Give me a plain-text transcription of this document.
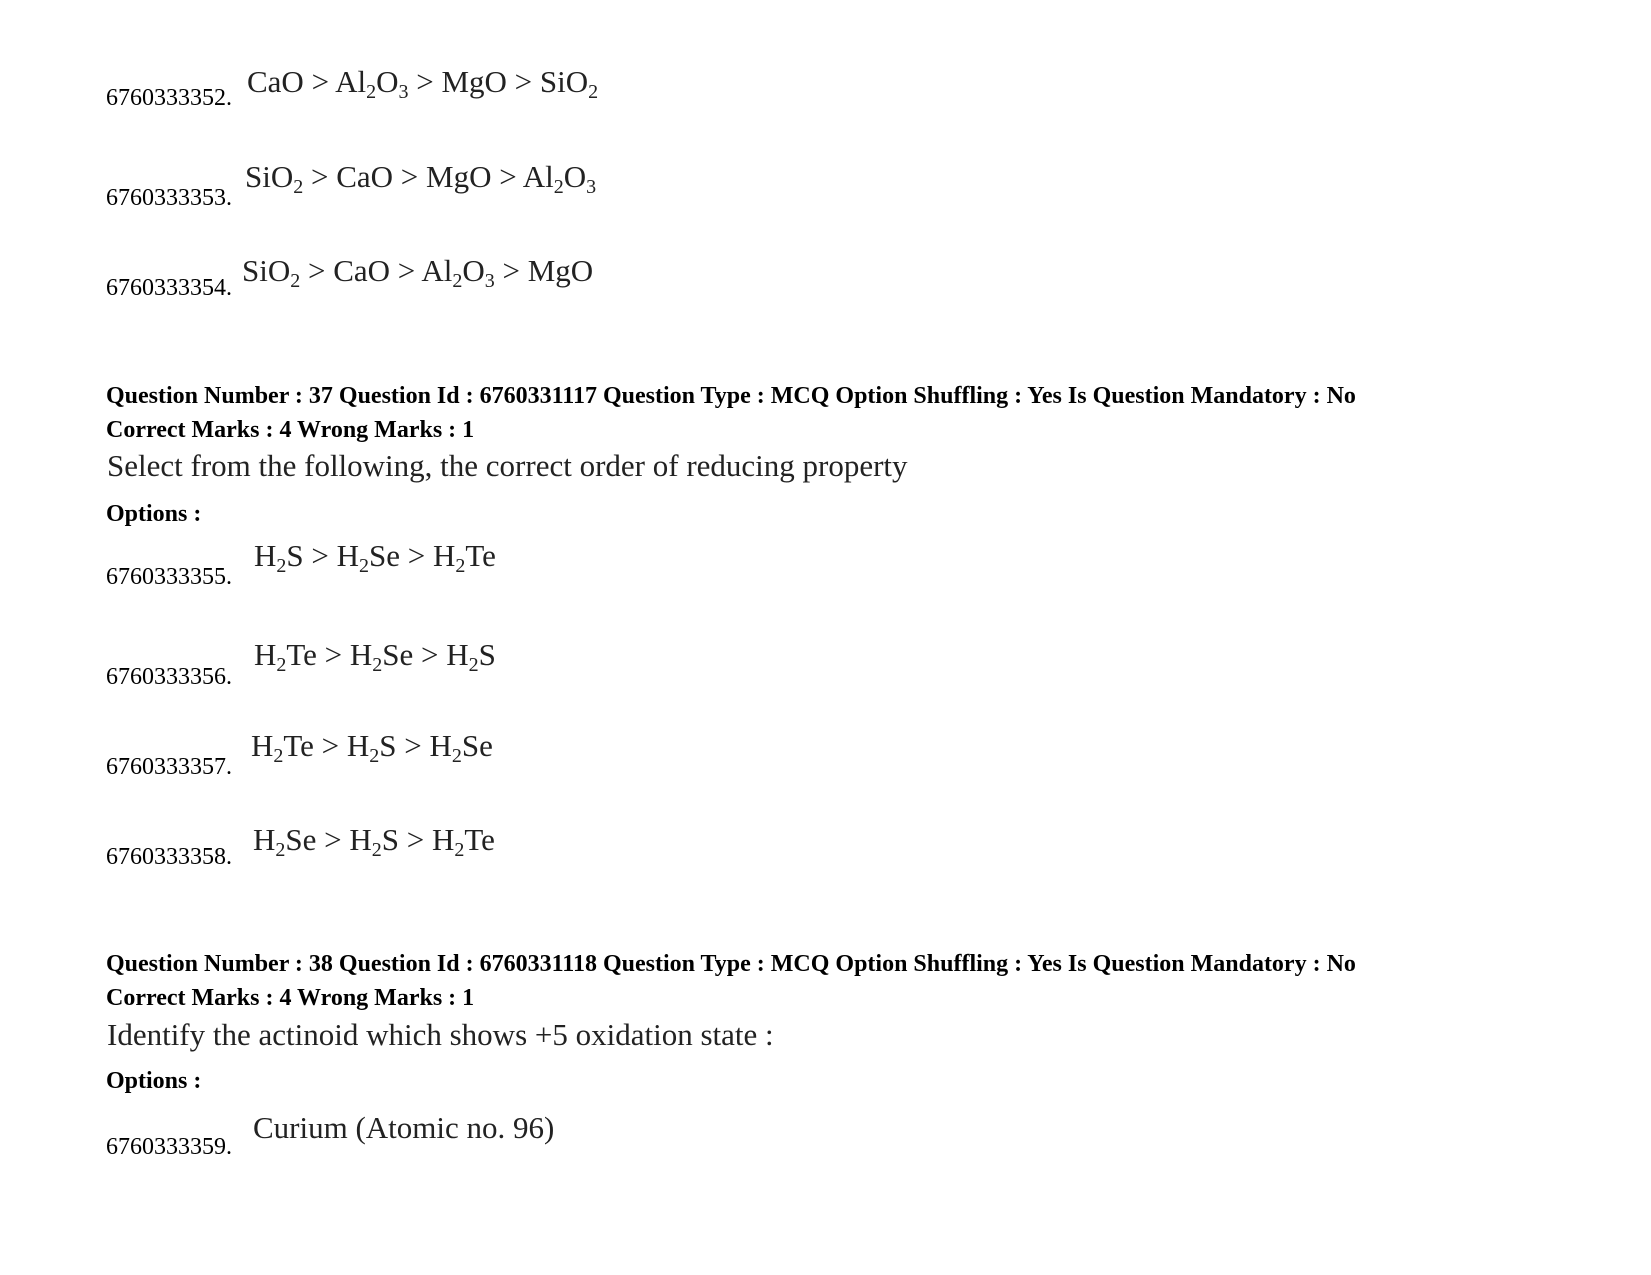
6760333352. CaO > $Al_2O_3$ > MgO > SiO$_2$
6760333353.
SiO$_2$ > CaO > MgO > $Al_2O_3$
6760333354. SiO$_2$ > CaO > $Al_2O_3$ > MgO
Question Number : 37 Question Id : 6760331117 Question Type : MCQ Option Shuffling : Yes Is Question Mandatory : No
Correct Marks : 4 Wrong Marks : 1
Select from the following, the correct order of reducing property
Options :
6760333355.
$H_2S > H_2Se > H_2Te$
6760333356.
$H_2Te > H_2Se > H_2S$
6760333357.
$H_2Te > H_2S > H_2Se$
6760333358. $H_2Se > H_2S > H_2Te$
Question Number : 38 Question Id : 6760331118 Question Type : MCQ Option Shuffling : Yes Is Question Mandatory : No
Correct Marks : 4 Wrong Marks : 1
Identify the actinoid which shows +5 oxidation state :
Options :
6760333359.
Curium (Atomic no. 96)
